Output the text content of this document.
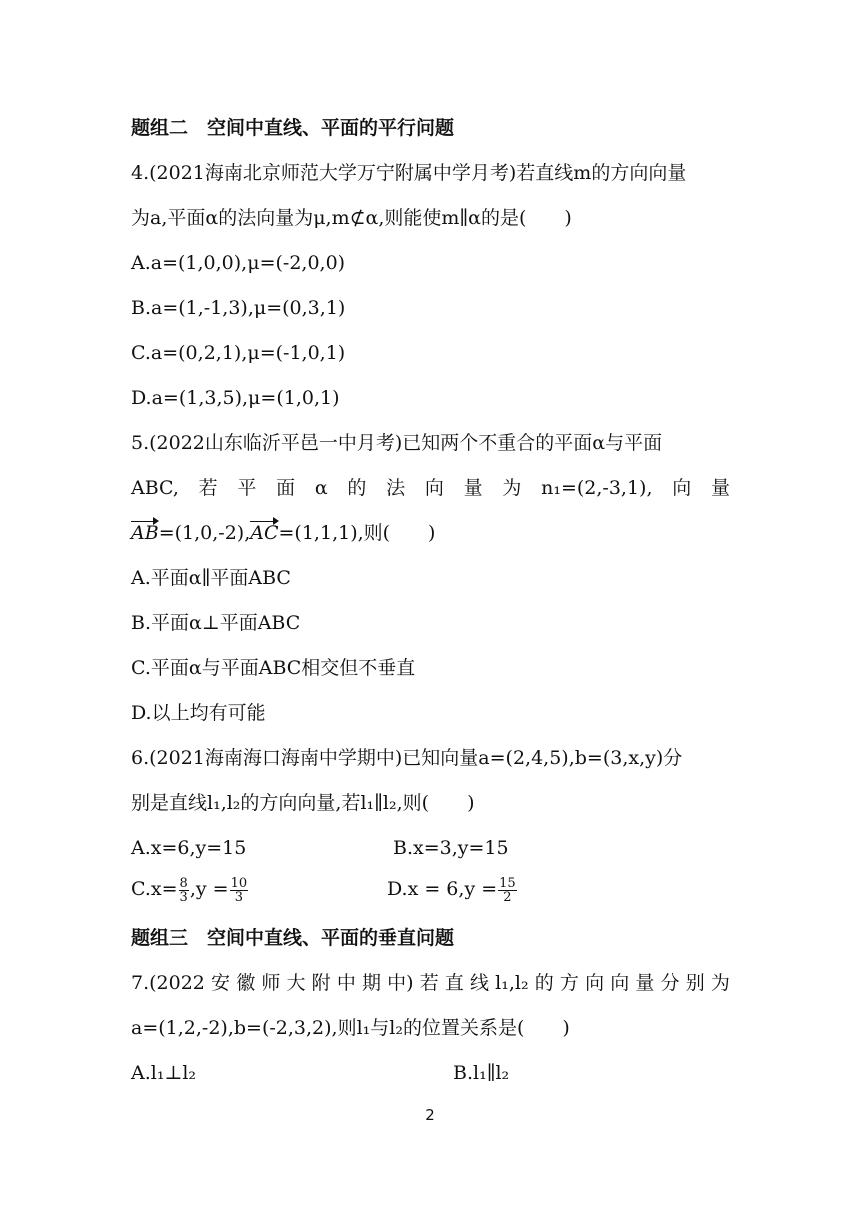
题组二　空间中直线、平面的平行问题
4.(2021海南北京师范大学万宁附属中学月考)若直线m的方向向量
为a,平面α的法向量为μ,m⊄α,则能使m∥α的是(　　)
A.a=(1,0,0),μ=(-2,0,0)
B.a=(1,-1,3),μ=(0,3,1)
C.a=(0,2,1),μ=(-1,0,1)
D.a=(1,3,5),μ=(1,0,1)
5.(2022山东临沂平邑一中月考)已知两个不重合的平面α与平面
ABC, 若 平 面 α 的 法 向 量 为 n₁=(2,-3,1), 向 量
AB=(1,0,-2),AC=(1,1,1),则(　　)
A.平面α∥平面ABC
B.平面α⊥平面ABC
C.平面α与平面ABC相交但不垂直
D.以上均有可能
6.(2021海南海口海南中学期中)已知向量a=(2,4,5),b=(3,x,y)分
别是直线l₁,l₂的方向向量,若l₁∥l₂,则(　　)
A.x=6,y=15	B.x=3,y=15
$C.x= \frac{8}{3} ,y = \frac{10}{3}$	$D.x = 6,y = \frac{15}{2}$
题组三　空间中直线、平面的垂直问题
7.(2022 安 徽 师 大 附 中 期 中) 若 直 线 l₁,l₂ 的 方 向 向 量 分 别 为
a=(1,2,-2),b=(-2,3,2),则l₁与l₂的位置关系是(　　)
A.l₁⊥l₂	B.l₁∥l₂
2
